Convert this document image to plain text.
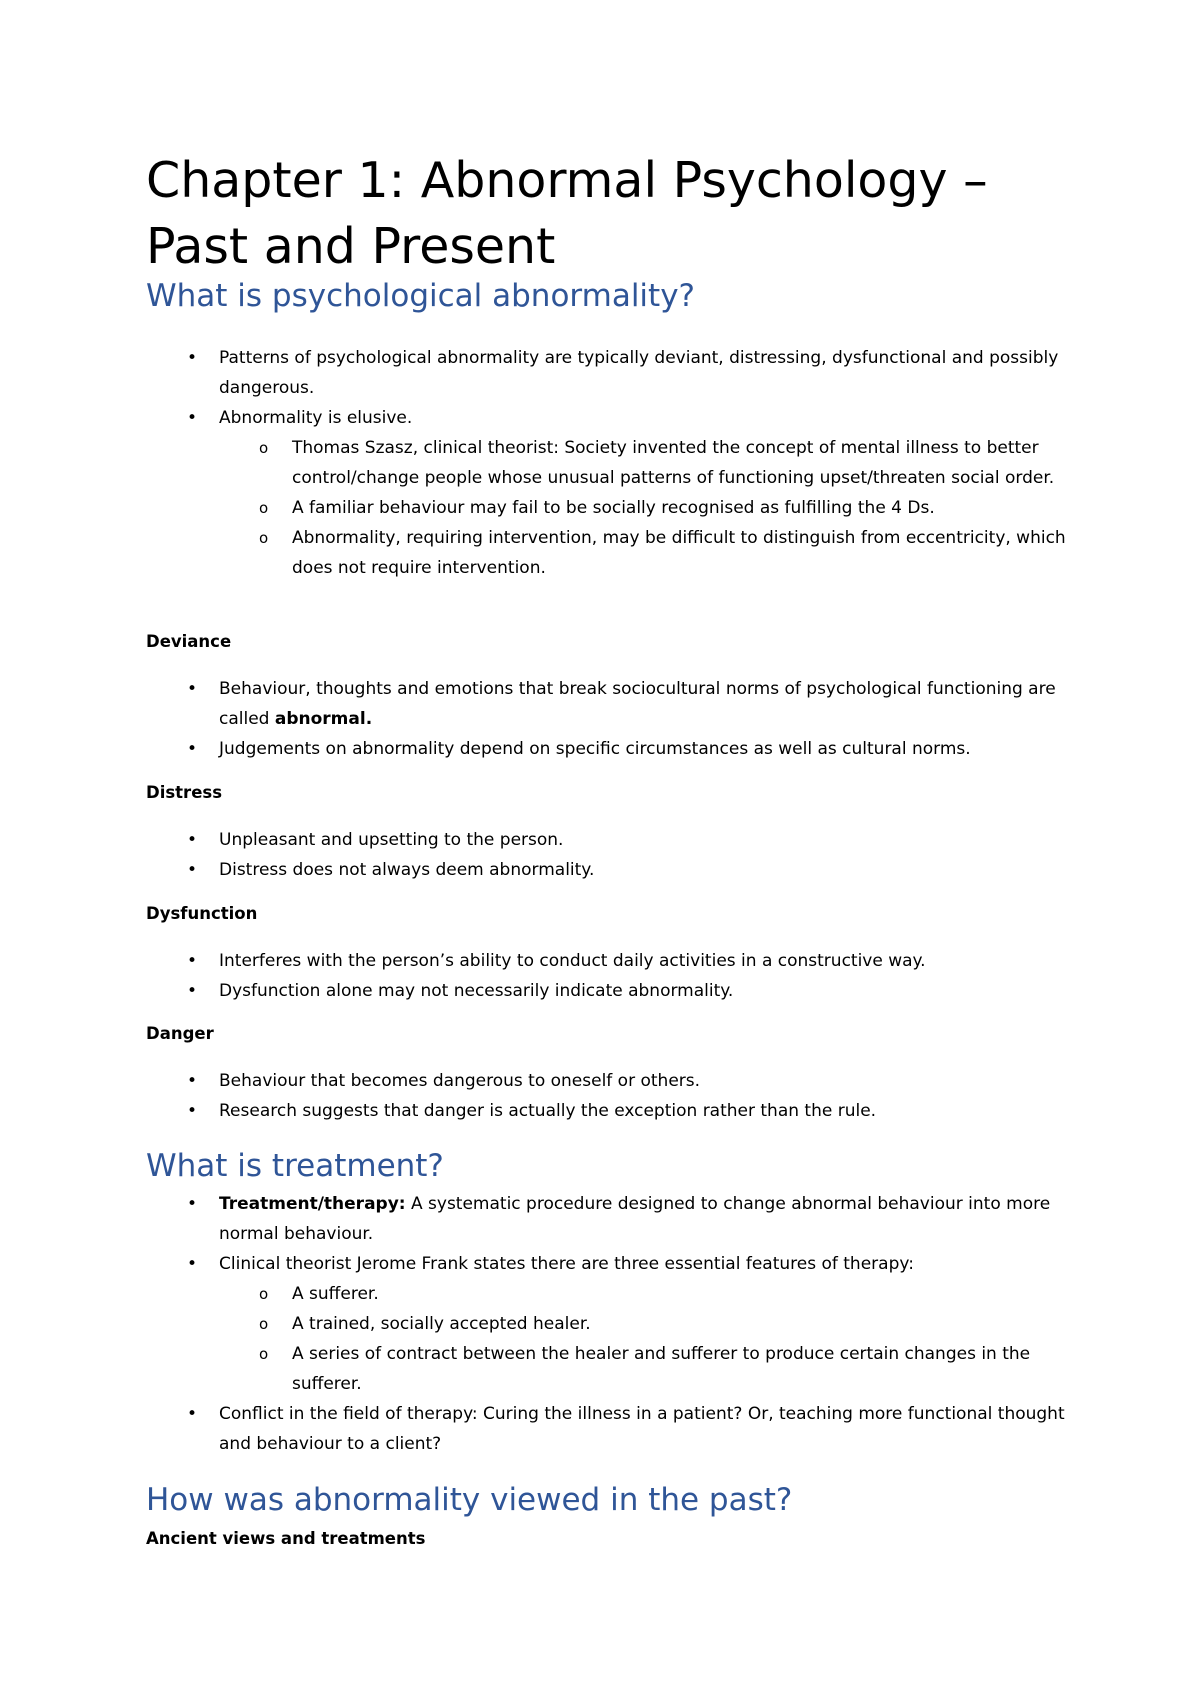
Chapter 1: Abnormal Psychology – Past and Present
What is psychological abnormality?
• Patterns of psychological abnormality are typically deviant, distressing, dysfunctional and possibly dangerous.
• Abnormality is elusive.
o Thomas Szasz, clinical theorist: Society invented the concept of mental illness to better control/change people whose unusual patterns of functioning upset/threaten social order.
o A familiar behaviour may fail to be socially recognised as fulfilling the 4 Ds.
o Abnormality, requiring intervention, may be difficult to distinguish from eccentricity, which does not require intervention.
Deviance
• Behaviour, thoughts and emotions that break sociocultural norms of psychological functioning are called abnormal.
• Judgements on abnormality depend on specific circumstances as well as cultural norms.
Distress
• Unpleasant and upsetting to the person.
• Distress does not always deem abnormality.
Dysfunction
• Interferes with the person’s ability to conduct daily activities in a constructive way.
• Dysfunction alone may not necessarily indicate abnormality.
Danger
• Behaviour that becomes dangerous to oneself or others.
• Research suggests that danger is actually the exception rather than the rule.
What is treatment?
• Treatment/therapy: A systematic procedure designed to change abnormal behaviour into more normal behaviour.
• Clinical theorist Jerome Frank states there are three essential features of therapy:
o A sufferer.
o A trained, socially accepted healer.
o A series of contract between the healer and sufferer to produce certain changes in the sufferer.
• Conflict in the field of therapy: Curing the illness in a patient? Or, teaching more functional thought and behaviour to a client?
How was abnormality viewed in the past?
Ancient views and treatments
